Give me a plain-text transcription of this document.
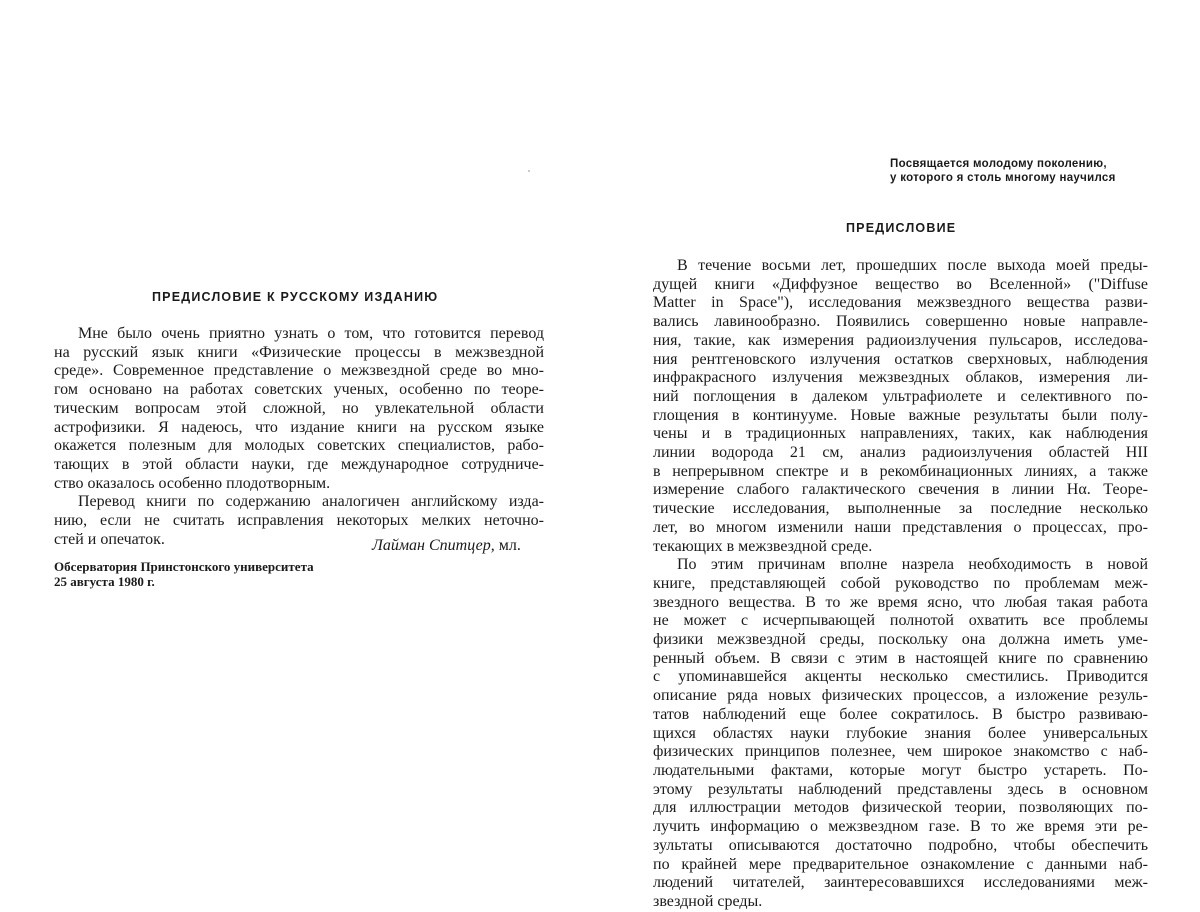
ПРЕДИСЛОВИЕ К РУССКОМУ ИЗДАНИЮ
Мне было очень приятно узнать о том, что готовится перевод
на русский язык книги «Физические процессы в межзвездной
среде». Современное представление о межзвездной среде во мно-
гом основано на работах советских ученых, особенно по теоре-
тическим вопросам этой сложной, но увлекательной области
астрофизики. Я надеюсь, что издание книги на русском языке
окажется полезным для молодых советских специалистов, рабо-
тающих в этой области науки, где международное сотрудниче-
ство оказалось особенно плодотворным.
Перевод книги по содержанию аналогичен английскому изда-
нию, если не считать исправления некоторых мелких неточно-
стей и опечаток.	Лайман Спитцер, мл.
Обсерватория Принстонского университета
25 августа 1980 г.
Посвящается молодому поколению,
у которого я столь многому научился
ПРЕДИСЛОВИЕ
В течение восьми лет, прошедших после выхода моей преды-
дущей книги «Диффузное вещество во Вселенной» ("Diffuse
Matter in Space"), исследования межзвездного вещества разви-
вались лавинообразно. Появились совершенно новые направле-
ния, такие, как измерения радиоизлучения пульсаров, исследова-
ния рентгеновского излучения остатков сверхновых, наблюдения
инфракрасного излучения межзвездных облаков, измерения ли-
ний поглощения в далеком ультрафиолете и селективного по-
глощения в континууме. Новые важные результаты были полу-
чены и в традиционных направлениях, таких, как наблюдения
линии водорода 21 см, анализ радиоизлучения областей HII
в непрерывном спектре и в рекомбинационных линиях, а также
измерение слабого галактического свечения в линии Hα. Теоре-
тические исследования, выполненные за последние несколько
лет, во многом изменили наши представления о процессах, про-
текающих в межзвездной среде.
По этим причинам вполне назрела необходимость в новой
книге, представляющей собой руководство по проблемам меж-
звездного вещества. В то же время ясно, что любая такая работа
не может с исчерпывающей полнотой охватить все проблемы
физики межзвездной среды, поскольку она должна иметь уме-
ренный объем. В связи с этим в настоящей книге по сравнению
с упоминавшейся акценты несколько сместились. Приводится
описание ряда новых физических процессов, а изложение резуль-
татов наблюдений еще более сократилось. В быстро развиваю-
щихся областях науки глубокие знания более универсальных
физических принципов полезнее, чем широкое знакомство с наб-
людательными фактами, которые могут быстро устареть. По-
этому результаты наблюдений представлены здесь в основном
для иллюстрации методов физической теории, позволяющих по-
лучить информацию о межзвездном газе. В то же время эти ре-
зультаты описываются достаточно подробно, чтобы обеспечить
по крайней мере предварительное ознакомление с данными наб-
людений читателей, заинтересовавшихся исследованиями меж-
звездной среды.
